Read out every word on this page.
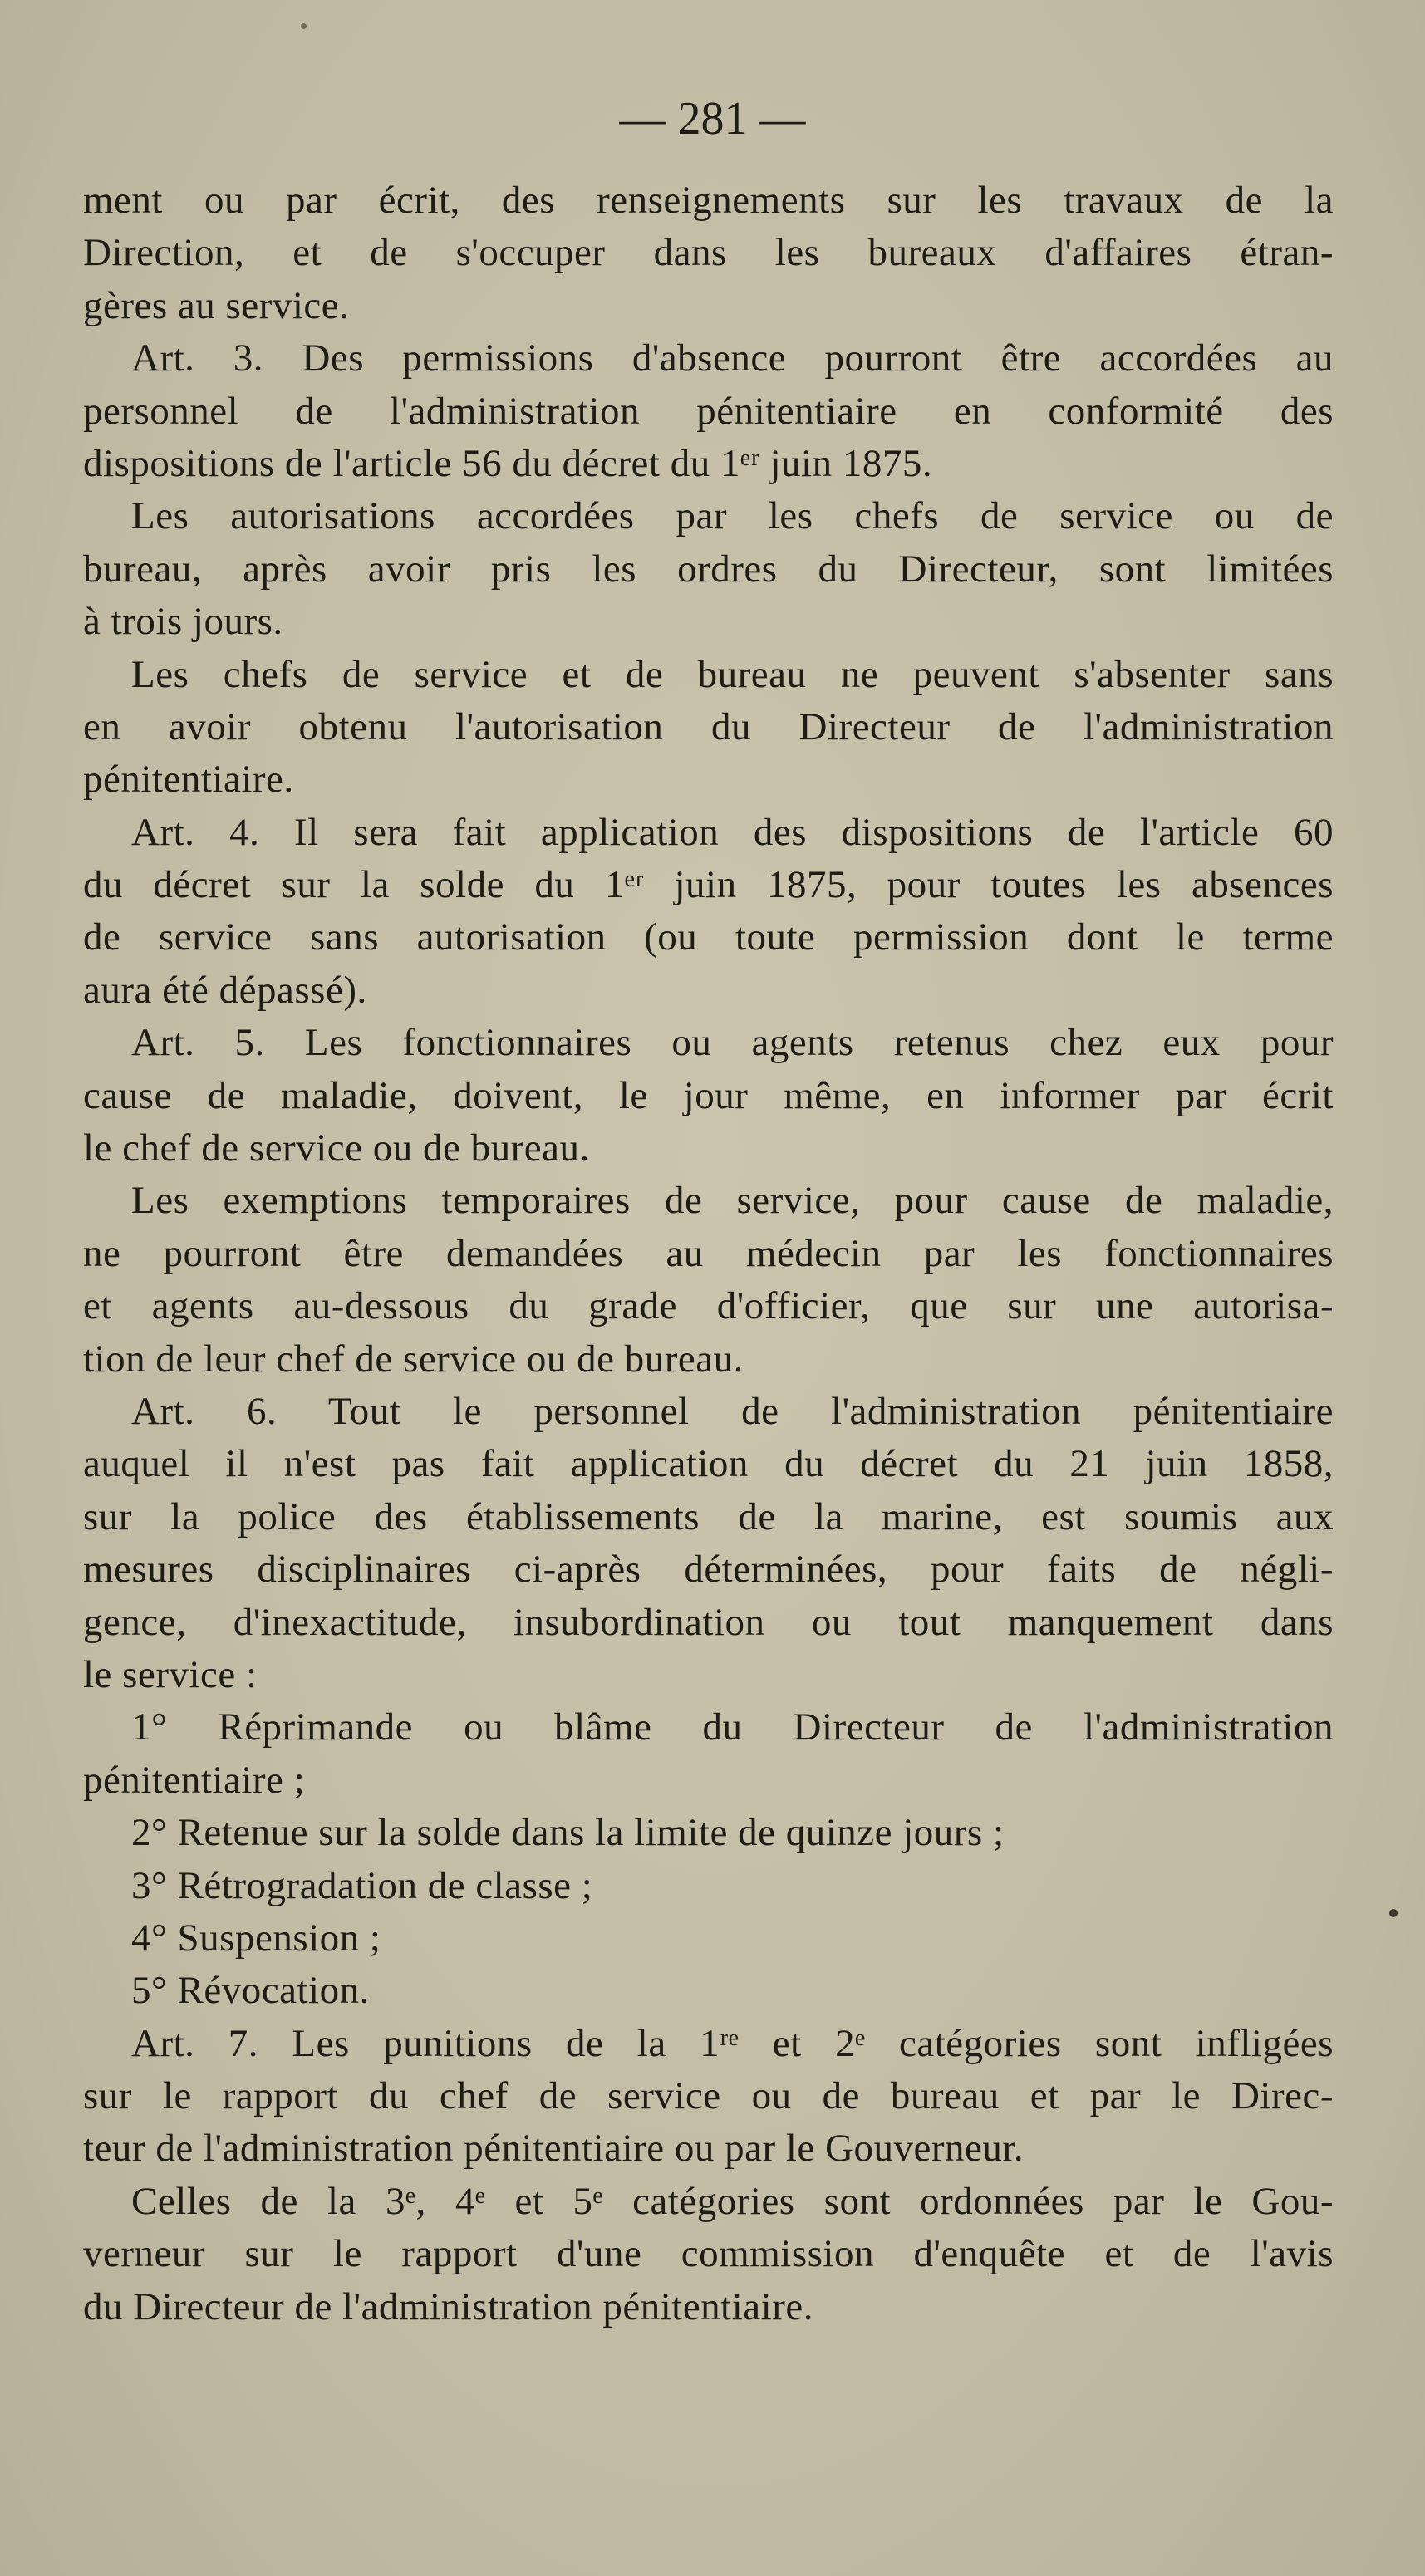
— 281 —
ment ou par écrit, des renseignements sur les travaux de la
Direction, et de s'occuper dans les bureaux d'affaires étran-
gères au service.
Art. 3. Des permissions d'absence pourront être accordées au
personnel de l'administration pénitentiaire en conformité des
dispositions de l'article 56 du décret du 1ᵉʳ juin 1875.
Les autorisations accordées par les chefs de service ou de
bureau, après avoir pris les ordres du Directeur, sont limitées
à trois jours.
Les chefs de service et de bureau ne peuvent s'absenter sans
en avoir obtenu l'autorisation du Directeur de l'administration
pénitentiaire.
Art. 4. Il sera fait application des dispositions de l'article 60
du décret sur la solde du 1ᵉʳ juin 1875, pour toutes les absences
de service sans autorisation (ou toute permission dont le terme
aura été dépassé).
Art. 5. Les fonctionnaires ou agents retenus chez eux pour
cause de maladie, doivent, le jour même, en informer par écrit
le chef de service ou de bureau.
Les exemptions temporaires de service, pour cause de maladie,
ne pourront être demandées au médecin par les fonctionnaires
et agents au-dessous du grade d'officier, que sur une autorisa-
tion de leur chef de service ou de bureau.
Art. 6. Tout le personnel de l'administration pénitentiaire
auquel il n'est pas fait application du décret du 21 juin 1858,
sur la police des établissements de la marine, est soumis aux
mesures disciplinaires ci-après déterminées, pour faits de négli-
gence, d'inexactitude, insubordination ou tout manquement dans
le service :
1° Réprimande ou blâme du Directeur de l'administration
pénitentiaire ;
2° Retenue sur la solde dans la limite de quinze jours ;
3° Rétrogradation de classe ;
4° Suspension ;
5° Révocation.
Art. 7. Les punitions de la 1ʳᵉ et 2ᵉ catégories sont infligées
sur le rapport du chef de service ou de bureau et par le Direc-
teur de l'administration pénitentiaire ou par le Gouverneur.
Celles de la 3ᵉ, 4ᵉ et 5ᵉ catégories sont ordonnées par le Gou-
verneur sur le rapport d'une commission d'enquête et de l'avis
du Directeur de l'administration pénitentiaire.
